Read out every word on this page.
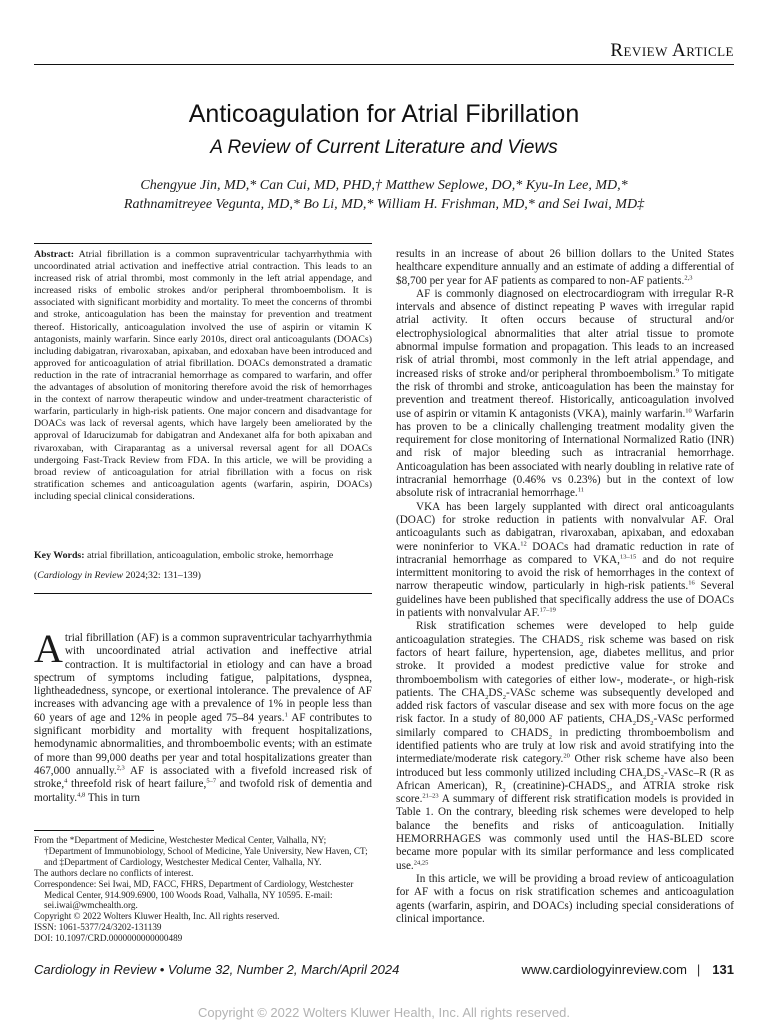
Review Article
Anticoagulation for Atrial Fibrillation
A Review of Current Literature and Views
Chengyue Jin, MD,* Can Cui, MD, PHD,† Matthew Seplowe, DO,* Kyu-In Lee, MD,*
Rathnamitreyee Vegunta, MD,* Bo Li, MD,* William H. Frishman, MD,* and Sei Iwai, MD‡
Abstract: Atrial fibrillation is a common supraventricular tachyarrhythmia with uncoordinated atrial activation and ineffective atrial contraction. This leads to an increased risk of atrial thrombi, most commonly in the left atrial appendage, and increased risks of embolic strokes and/or peripheral thromboembolism. It is associated with significant morbidity and mortality. To meet the concerns of thrombi and stroke, anticoagulation has been the mainstay for prevention and treatment thereof. Historically, anticoagulation involved the use of aspirin or vitamin K antagonists, mainly warfarin. Since early 2010s, direct oral anticoagulants (DOACs) including dabigatran, rivaroxaban, apixaban, and edoxaban have been introduced and approved for anticoagulation of atrial fibrillation. DOACs demonstrated a dramatic reduction in the rate of intracranial hemorrhage as compared to warfarin, and offer the advantages of absolution of monitoring therefore avoid the risk of hemorrhages in the context of narrow therapeutic window and under-treatment characteristic of warfarin, particularly in high-risk patients. One major concern and disadvantage for DOACs was lack of reversal agents, which have largely been ameliorated by the approval of Idarucizumab for dabigatran and Andexanet alfa for both apixaban and rivaroxaban, with Ciraparantag as a universal reversal agent for all DOACs undergoing Fast-Track Review from FDA. In this article, we will be providing a broad review of anticoagulation for atrial fibrillation with a focus on risk stratification schemes and anticoagulation agents (warfarin, aspirin, DOACs) including special clinical considerations.
Key Words: atrial fibrillation, anticoagulation, embolic stroke, hemorrhage
(Cardiology in Review 2024;32: 131–139)

Atrial fibrillation (AF) is a common supraventricular tachyarrhythmia with uncoordinated atrial activation and ineffective atrial contraction. It is multifactorial in etiology and can have a broad spectrum of symptoms including fatigue, palpitations, dyspnea, lightheadedness, syncope, or exertional intolerance. The prevalence of AF increases with advancing age with a prevalence of 1% in people less than 60 years of age and 12% in people aged 75–84 years.$^1$ AF contributes to significant morbidity and mortality with frequent hospitalizations, hemodynamic abnormalities, and thromboembolic events; with an estimate of more than 99,000 deaths per year and total hospitalizations greater than 467,000 annually.$^{2,3}$ AF is associated with a fivefold increased risk of stroke,$^4$ threefold risk of heart failure,$^{5-7}$ and twofold risk of dementia and mortality.$^{4,8}$ This in turn

From the *Department of Medicine, Westchester Medical Center, Valhalla, NY; †Department of Immunobiology, School of Medicine, Yale University, New Haven, CT; and ‡Department of Cardiology, Westchester Medical Center, Valhalla, NY.

The authors declare no conflicts of interest.

Correspondence: Sei Iwai, MD, FACC, FHRS, Department of Cardiology, Westchester Medical Center, 914.909.6900, 100 Woods Road, Valhalla, NY 10595. E-mail: sei.iwai@wmchealth.org.

Copyright © 2022 Wolters Kluwer Health, Inc. All rights reserved.

ISSN: 1061-5377/24/3202-131139

DOI: 10.1097/CRD.0000000000000489

results in an increase of about 26 billion dollars to the United States healthcare expenditure annually and an estimate of adding a differential of $8,700 per year for AF patients as compared to non-AF patients.$^{2,3}$

AF is commonly diagnosed on electrocardiogram with irregular R-R intervals and absence of distinct repeating P waves with irregular rapid atrial activity. It often occurs because of structural and/or electrophysiological abnormalities that alter atrial tissue to promote abnormal impulse formation and propagation. This leads to an increased risk of atrial thrombi, most commonly in the left atrial appendage, and increased risks of stroke and/or peripheral thromboembolism.$^9$ To mitigate the risk of thrombi and stroke, anticoagulation has been the mainstay for prevention and treatment thereof. Historically, anticoagulation involved use of aspirin or vitamin K antagonists (VKA), mainly warfarin.$^{10}$ Warfarin has proven to be a clinically challenging treatment modality given the requirement for close monitoring of International Normalized Ratio (INR) and risk of major bleeding such as intracranial hemorrhage. Anticoagulation has been associated with nearly doubling in relative rate of intracranial hemorrhage (0.46% vs 0.23%) but in the context of low absolute risk of intracranial hemorrhage.$^{11}$

VKA has been largely supplanted with direct oral anticoagulants (DOAC) for stroke reduction in patients with nonvalvular AF. Oral anticoagulants such as dabigatran, rivaroxaban, apixaban, and edoxaban were noninferior to VKA.$^{12}$ DOACs had dramatic reduction in rate of intracranial hemorrhage as compared to VKA,$^{13-15}$ and do not require intermittent monitoring to avoid the risk of hemorrhages in the context of narrow therapeutic window, particularly in high-risk patients.$^{16}$ Several guidelines have been published that specifically address the use of DOACs in patients with nonvalvular AF.$^{17-19}$

Risk stratification schemes were developed to help guide anticoagulation strategies. The $CHADS_2$ risk scheme was based on risk factors of heart failure, hypertension, age, diabetes mellitus, and prior stroke. It provided a modest predictive value for stroke and thromboembolism with categories of either low-, moderate-, or high-risk patients. The $CHA_2DS_2$-VASc scheme was subsequently developed and added risk factors of vascular disease and sex with more focus on the age risk factor. In a study of 80,000 AF patients, $CHA_2DS_2$-VASc performed similarly compared to $CHADS_2$ in predicting thromboembolism and identified patients who are truly at low risk and avoid stratifying into the intermediate/moderate risk category.$^{20}$ Other risk scheme have also been introduced but less commonly utilized including $CHA_2DS_2-VASc-R$ (R as African American), $R_2$ $(creatinine)-CHADS_2$, and ATRIA stroke risk score.$^{21-23}$ A summary of different risk stratification models is provided in Table 1. On the contrary, bleeding risk schemes were developed to help balance the benefits and risks of anticoagulation. Initially HEMORRHAGES was commonly used until the HAS-BLED score became more popular with its similar performance and less complicated use.$^{24,25}$

In this article, we will be providing a broad review of anticoagulation for AF with a focus on risk stratification schemes and anticoagulation agents (warfarin, aspirin, and DOACs) including special considerations of clinical importance.

Cardiology in Review • Volume 32, Number 2, March/April 2024	www.cardiologyinreview.com | 131
Copyright © 2022 Wolters Kluwer Health, Inc. All rights reserved.
